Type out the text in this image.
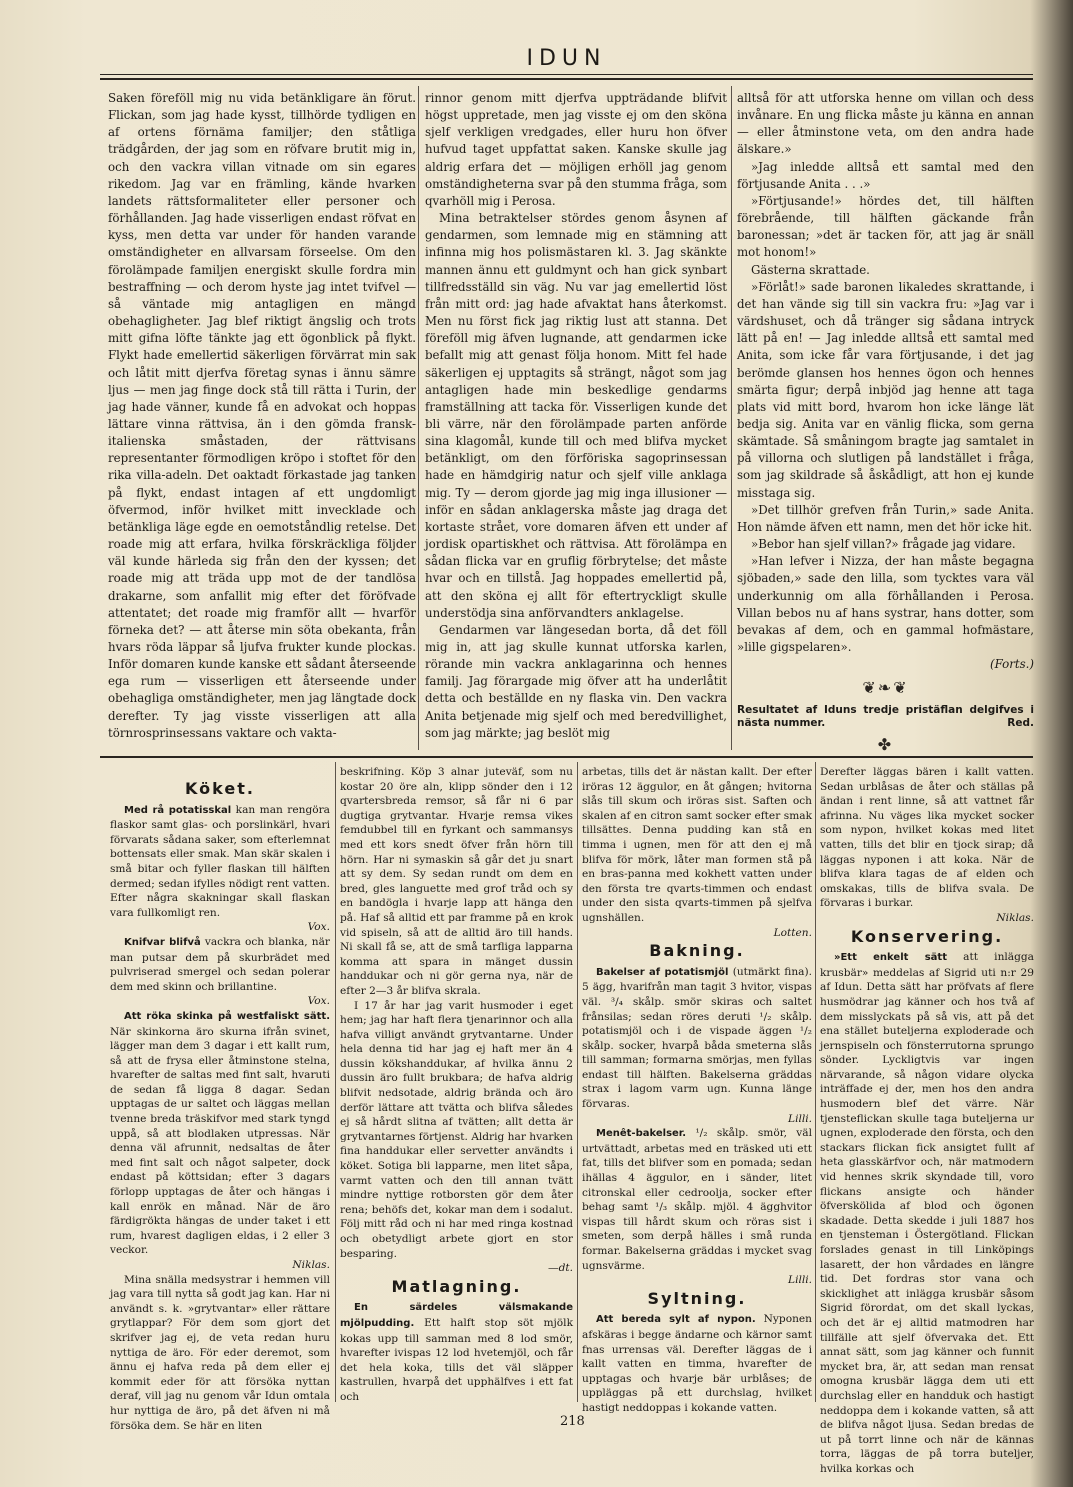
IDUN

Saken föreföll mig nu vida betänkligare än förut. Flickan, som jag hade kysst, tillhörde tydligen en af ortens förnäma familjer; den ståtliga trädgården, der jag som en röfvare brutit mig in, och den vackra villan vitnade om sin egares rikedom. Jag var en främling, kände hvarken landets rättsformaliteter eller personer och förhållanden. Jag hade visserligen endast röfvat en kyss, men detta var under för handen varande omständigheter en allvarsam förseelse. Om den förolämpade familjen energiskt skulle fordra min bestraffning — och derom hyste jag intet tvifvel — så väntade mig antagligen en mängd obehagligheter. Jag blef riktigt ängslig och trots mitt gifna löfte tänkte jag ett ögonblick på flykt. Flykt hade emellertid säkerligen förvärrat min sak och låtit mitt djerfva företag synas i ännu sämre ljus — men jag finge dock stå till rätta i Turin, der jag hade vänner, kunde få en advokat och hoppas lättare vinna rättvisa, än i den gömda fransk-italienska småstaden, der rättvisans representanter förmodligen kröpo i stoftet för den rika villa-adeln. Det oaktadt förkastade jag tanken på flykt, endast intagen af ett ungdomligt öfvermod, inför hvilket mitt invecklade och betänkliga läge egde en oemotståndlig retelse. Det roade mig att erfara, hvilka förskräckliga följder väl kunde härleda sig från den der kyssen; det roade mig att träda upp mot de der tandlösa drakarne, som anfallit mig efter det föröfvade attentatet; det roade mig framför allt — hvarför förneka det? — att återse min söta obekanta, från hvars röda läppar så ljufva frukter kunde plockas. Inför domaren kunde kanske ett sådant återseende ega rum — visserligen ett återseende under obehagliga omständigheter, men jag längtade dock derefter. Ty jag visste visserligen att alla törnrosprinsessans vaktare och vakta-

rinnor genom mitt djerfva uppträdande blifvit högst uppretade, men jag visste ej om den sköna sjelf verkligen vredgades, eller huru hon öfver hufvud taget uppfattat saken. Kanske skulle jag aldrig erfara det — möjligen erhöll jag genom omständigheterna svar på den stumma fråga, som qvarhöll mig i Perosa.

Mina betraktelser stördes genom åsynen af gendarmen, som lemnade mig en stämning att infinna mig hos polismästaren kl. 3. Jag skänkte mannen ännu ett guldmynt och han gick synbart tillfredsställd sin väg. Nu var jag emellertid löst från mitt ord: jag hade afvaktat hans återkomst. Men nu först fick jag riktig lust att stanna. Det föreföll mig äfven lugnande, att gendarmen icke befallt mig att genast följa honom. Mitt fel hade säkerligen ej upptagits så strängt, något som jag antagligen hade min beskedlige gendarms framställning att tacka för. Visserligen kunde det bli värre, när den förolämpade parten anförde sina klagomål, kunde till och med blifva mycket betänkligt, om den förföriska sagoprinsessan hade en hämdgirig natur och sjelf ville anklaga mig. Ty — derom gjorde jag mig inga illusioner — inför en sådan anklagerska måste jag draga det kortaste strået, vore domaren äfven ett under af jordisk opartiskhet och rättvisa. Att förolämpa en sådan flicka var en gruflig förbrytelse; det måste hvar och en tillstå. Jag hoppades emellertid på, att den sköna ej allt för eftertryckligt skulle understödja sina anförvandters anklagelse.

Gendarmen var längesedan borta, då det föll mig in, att jag skulle kunnat utforska karlen, rörande min vackra anklagarinna och hennes familj. Jag förargade mig öfver att ha underlåtit detta och beställde en ny flaska vin. Den vackra Anita betjenade mig sjelf och med beredvillighet, som jag märkte; jag beslöt mig

alltså för att utforska henne om villan och dess invånare. En ung flicka måste ju känna en annan — eller åtminstone veta, om den andra hade älskare.»

»Jag inledde alltså ett samtal med den förtjusande Anita . . .»

»Förtjusande!» hördes det, till hälften förebrående, till hälften gäckande från baronessan; »det är tacken för, att jag är snäll mot honom!»

Gästerna skrattade.

»Förlåt!» sade baronen likaledes skrattande, i det han vände sig till sin vackra fru: »Jag var i värdshuset, och då tränger sig sådana intryck lätt på en! — Jag inledde alltså ett samtal med Anita, som icke får vara förtjusande, i det jag berömde glansen hos hennes ögon och hennes smärta figur; derpå inbjöd jag henne att taga plats vid mitt bord, hvarom hon icke länge lät bedja sig. Anita var en vänlig flicka, som gerna skämtade. Så småningom bragte jag samtalet in på villorna och slutligen på landstället i fråga, som jag skildrade så åskådligt, att hon ej kunde misstaga sig.

»Det tillhör grefven från Turin,» sade Anita. Hon nämde äfven ett namn, men det hör icke hit.

»Bebor han sjelf villan?» frågade jag vidare.

»Han lefver i Nizza, der han måste begagna sjöbaden,» sade den lilla, som tycktes vara väl underkunnig om alla förhållanden i Perosa. Villan bebos nu af hans systrar, hans dotter, som bevakas af dem, och en gammal hofmästare, »lille gigspelaren».

(Forts.)

❦❧❦
Resultatet af Iduns tredje pristäflan delgifves i nästa nummer.	Red.
✤
Köket.

Med rå potatisskal kan man rengöra flaskor samt glas- och porslinkärl, hvari förvarats sådana saker, som efterlemnat bottensats eller smak. Man skär skalen i små bitar och fyller flaskan till hälften dermed; sedan ifylles nödigt rent vatten. Efter några skakningar skall flaskan vara fullkomligt ren.

Vox.

Knifvar blifvå vackra och blanka, när man putsar dem på skurbrädet med pulvriserad smergel och sedan polerar dem med skinn och brillantine.

Vox.

Att röka skinka på westfaliskt sätt. När skinkorna äro skurna ifrån svinet, lägger man dem 3 dagar i ett kallt rum, så att de frysa eller åtminstone stelna, hvarefter de saltas med fint salt, hvaruti de sedan få ligga 8 dagar. Sedan upptagas de ur saltet och läggas mellan tvenne breda träskifvor med stark tyngd uppå, så att blodlaken utpressas. När denna väl afrunnit, nedsaltas de åter med fint salt och något salpeter, dock endast på köttsidan; efter 3 dagars förlopp upptagas de åter och hängas i kall enrök en månad. När de äro färdigrökta hängas de under taket i ett rum, hvarest dagligen eldas, i 2 eller 3 veckor.

Niklas.

Mina snälla medsystrar i hemmen vill jag vara till nytta så godt jag kan. Har ni användt s. k. »grytvantar» eller rättare grytlappar? För dem som gjort det skrifver jag ej, de veta redan huru nyttiga de äro. För eder deremot, som ännu ej hafva reda på dem eller ej kommit eder för att försöka nyttan deraf, vill jag nu genom vår Idun omtala hur nyttiga de äro, på det äfven ni må försöka dem. Se här en liten

beskrifning. Köp 3 alnar juteväf, som nu kostar 20 öre aln, klipp sönder den i 12 qvartersbreda remsor, så får ni 6 par dugtiga grytvantar. Hvarje remsa vikes femdubbel till en fyrkant och sammansys med ett kors snedt öfver från hörn till hörn. Har ni symaskin så går det ju snart att sy dem. Sy sedan rundt om dem en bred, gles languette med grof tråd och sy en bandögla i hvarje lapp att hänga den på. Haf så alltid ett par framme på en krok vid spiseln, så att de alltid äro till hands. Ni skall få se, att de små tarfliga lapparna komma att spara in mänget dussin handdukar och ni gör gerna nya, när de efter 2—3 år blifva skrala.

I 17 år har jag varit husmoder i eget hem; jag har haft flera tjenarinnor och alla hafva villigt användt grytvantarne. Under hela denna tid har jag ej haft mer än 4 dussin kökshanddukar, af hvilka ännu 2 dussin äro fullt brukbara; de hafva aldrig blifvit nedsotade, aldrig brända och äro derför lättare att tvätta och blifva således ej så hårdt slitna af tvätten; allt detta är grytvantarnes förtjenst. Aldrig har hvarken fina handdukar eller servetter användts i köket. Sotiga bli lapparne, men litet såpa, varmt vatten och den till annan tvätt mindre nyttige rotborsten gör dem åter rena; behöfs det, kokar man dem i sodalut. Följ mitt råd och ni har med ringa kostnad och obetydligt arbete gjort en stor besparing.

—dt.

Matlagning.

En särdeles välsmakande mjölpudding. Ett halft stop söt mjölk kokas upp till samman med 8 lod smör, hvarefter ivispas 12 lod hvetemjöl, och får det hela koka, tills det väl släpper kastrullen, hvarpå det upphälfves i ett fat och

arbetas, tills det är nästan kallt. Der efter iröras 12 äggulor, en åt gången; hvitorna slås till skum och iröras sist. Saften och skalen af en citron samt socker efter smak tillsättes. Denna pudding kan stå en timma i ugnen, men för att den ej må blifva för mörk, låter man formen stå på en bras-panna med kokhett vatten under den första tre qvarts-timmen och endast under den sista qvarts-timmen på sjelfva ugnshällen.

Lotten.

Bakning.

Bakelser af potatismjöl (utmärkt fina). 5 ägg, hvarifrån man tagit 3 hvitor, vispas väl. ³/₄ skålp. smör skiras och saltet frånsilas; sedan röres deruti ¹/₂ skålp. potatismjöl och i de vispade äggen ¹/₂ skålp. socker, hvarpå båda smeterna slås till samman; formarna smörjas, men fyllas endast till hälften. Bakelserna gräddas strax i lagom varm ugn. Kunna länge förvaras.

Lilli.

Menêt-bakelser. ¹/₂ skålp. smör, väl urtvättadt, arbetas med en träsked uti ett fat, tills det blifver som en pomada; sedan ihällas 4 äggulor, en i sänder, litet citronskal eller cedroolja, socker efter behag samt ¹/₃ skålp. mjöl. 4 ägghvitor vispas till hårdt skum och röras sist i smeten, som derpå hälles i små runda formar. Bakelserna gräddas i mycket svag ugnsvärme.

Lilli.

Syltning.

Att bereda sylt af nypon. Nyponen afskäras i begge ändarne och kärnor samt fnas urrensas väl. Derefter läggas de i kallt vatten en timma, hvarefter de upptagas och hvarje bär urblåses; de uppläggas på ett durchslag, hvilket hastigt neddoppas i kokande vatten.

Derefter läggas bären i kallt vatten. Sedan urblåsas de åter och ställas på ändan i rent linne, så att vattnet får afrinna. Nu väges lika mycket socker som nypon, hvilket kokas med litet vatten, tills det blir en tjock sirap; då läggas nyponen i att koka. När de blifva klara tagas de af elden och omskakas, tills de blifva svala. De förvaras i burkar.

Niklas.

Konservering.

»Ett enkelt sätt att inlägga krusbär» meddelas af Sigrid uti n:r 29 af Idun. Detta sätt har pröfvats af flere husmödrar jag känner och hos två af dem misslyckats på så vis, att på det ena stället buteljerna exploderade och jernspiseln och fönsterrutorna sprungo sönder. Lyckligtvis var ingen närvarande, så någon vidare olycka inträffade ej der, men hos den andra husmodern blef det värre. När tjensteflickan skulle taga buteljerna ur ugnen, exploderade den första, och den stackars flickan fick ansigtet fullt af heta glasskärfvor och, när matmodern vid hennes skrik skyndade till, voro flickans ansigte och händer öfverskölida af blod och ögonen skadade. Detta skedde i juli 1887 hos en tjensteman i Östergötland. Flickan forslades genast in till Linköpings lasarett, der hon vårdades en längre tid. Det fordras stor vana och skicklighet att inlägga krusbär såsom Sigrid förordat, om det skall lyckas, och det är ej alltid matmodren har tillfälle att sjelf öfvervaka det. Ett annat sätt, som jag känner och funnit mycket bra, är, att sedan man rensat omogna krusbär lägga dem uti ett durchslag eller en handduk och hastigt neddoppa dem i kokande vatten, så att de blifva något ljusa. Sedan bredas de ut på torrt linne och när de kännas torra, läggas de på torra buteljer, hvilka korkas och

218
